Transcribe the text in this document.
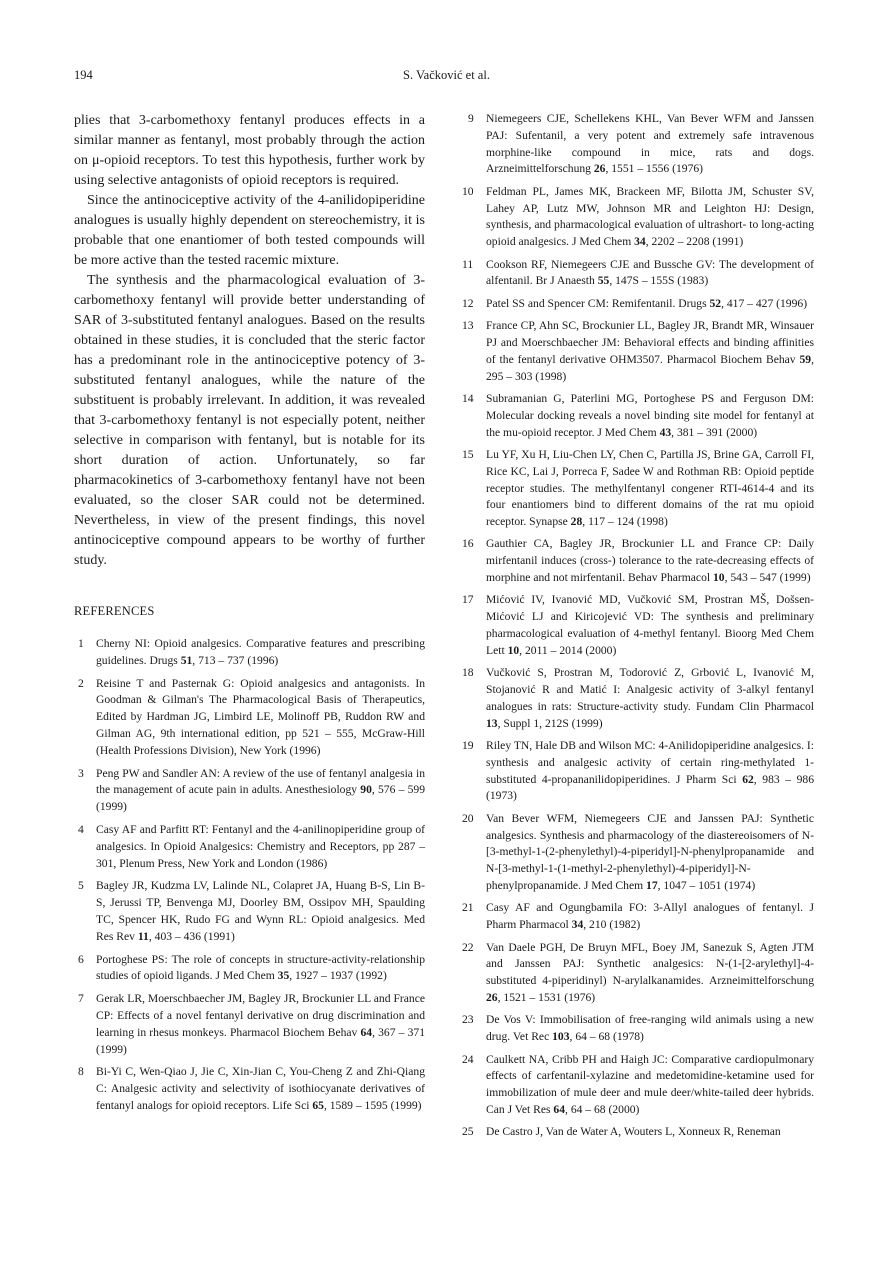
194	S. Vačković et al.

plies that 3-carbomethoxy fentanyl produces effects in a similar manner as fentanyl, most probably through the action on μ-opioid receptors. To test this hypothesis, further work by using selective antagonists of opioid receptors is required.

Since the antinociceptive activity of the 4-anilidopiperidine analogues is usually highly dependent on stereochemistry, it is probable that one enantiomer of both tested compounds will be more active than the tested racemic mixture.

The synthesis and the pharmacological evaluation of 3-carbomethoxy fentanyl will provide better understanding of SAR of 3-substituted fentanyl analogues. Based on the results obtained in these studies, it is concluded that the steric factor has a predominant role in the antinociceptive potency of 3-substituted fentanyl analogues, while the nature of the substituent is probably irrelevant. In addition, it was revealed that 3-carbomethoxy fentanyl is not especially potent, neither selective in comparison with fentanyl, but is notable for its short duration of action. Unfortunately, so far pharmacokinetics of 3-carbomethoxy fentanyl have not been evaluated, so the closer SAR could not be determined. Nevertheless, in view of the present findings, this novel antinociceptive compound appears to be worthy of further study.

REFERENCES
1	Cherny NI: Opioid analgesics. Comparative features and prescribing guidelines. Drugs 51, 713 – 737 (1996)
2	Reisine T and Pasternak G: Opioid analgesics and antagonists. In Goodman & Gilman's The Pharmacological Basis of Therapeutics, Edited by Hardman JG, Limbird LE, Molinoff PB, Ruddon RW and Gilman AG, 9th international edition, pp 521 – 555, McGraw-Hill (Health Professions Division), New York (1996)
3	Peng PW and Sandler AN: A review of the use of fentanyl analgesia in the management of acute pain in adults. Anesthesiology 90, 576 – 599 (1999)
4	Casy AF and Parfitt RT: Fentanyl and the 4-anilinopiperidine group of analgesics. In Opioid Analgesics: Chemistry and Receptors, pp 287 – 301, Plenum Press, New York and London (1986)
5	Bagley JR, Kudzma LV, Lalinde NL, Colapret JA, Huang B-S, Lin B-S, Jerussi TP, Benvenga MJ, Doorley BM, Ossipov MH, Spaulding TC, Spencer HK, Rudo FG and Wynn RL: Opioid analgesics. Med Res Rev 11, 403 – 436 (1991)
6	Portoghese PS: The role of concepts in structure-activity-relationship studies of opioid ligands. J Med Chem 35, 1927 – 1937 (1992)
7	Gerak LR, Moerschbaecher JM, Bagley JR, Brockunier LL and France CP: Effects of a novel fentanyl derivative on drug discrimination and learning in rhesus monkeys. Pharmacol Biochem Behav 64, 367 – 371 (1999)
8	Bi-Yi C, Wen-Qiao J, Jie C, Xin-Jian C, You-Cheng Z and Zhi-Qiang C: Analgesic activity and selectivity of isothiocyanate derivatives of fentanyl analogs for opioid receptors. Life Sci 65, 1589 – 1595 (1999)
9	Niemegeers CJE, Schellekens KHL, Van Bever WFM and Janssen PAJ: Sufentanil, a very potent and extremely safe intravenous morphine-like compound in mice, rats and dogs. Arzneimittelforschung 26, 1551 – 1556 (1976)
10	Feldman PL, James MK, Brackeen MF, Bilotta JM, Schuster SV, Lahey AP, Lutz MW, Johnson MR and Leighton HJ: Design, synthesis, and pharmacological evaluation of ultrashort- to long-acting opioid analgesics. J Med Chem 34, 2202 – 2208 (1991)
11	Cookson RF, Niemegeers CJE and Bussche GV: The development of alfentanil. Br J Anaesth 55, 147S – 155S (1983)
12	Patel SS and Spencer CM: Remifentanil. Drugs 52, 417 – 427 (1996)
13	France CP, Ahn SC, Brockunier LL, Bagley JR, Brandt MR, Winsauer PJ and Moerschbaecher JM: Behavioral effects and binding affinities of the fentanyl derivative OHM3507. Pharmacol Biochem Behav 59, 295 – 303 (1998)
14	Subramanian G, Paterlini MG, Portoghese PS and Ferguson DM: Molecular docking reveals a novel binding site model for fentanyl at the mu-opioid receptor. J Med Chem 43, 381 – 391 (2000)
15	Lu YF, Xu H, Liu-Chen LY, Chen C, Partilla JS, Brine GA, Carroll FI, Rice KC, Lai J, Porreca F, Sadee W and Rothman RB: Opioid peptide receptor studies. The methylfentanyl congener RTI-4614-4 and its four enantiomers bind to different domains of the rat mu opioid receptor. Synapse 28, 117 – 124 (1998)
16	Gauthier CA, Bagley JR, Brockunier LL and France CP: Daily mirfentanil induces (cross-) tolerance to the rate-decreasing effects of morphine and not mirfentanil. Behav Pharmacol 10, 543 – 547 (1999)
17	Mićović IV, Ivanović MD, Vučković SM, Prostran MŠ, Došsen-Mićović LJ and Kiricojević VD: The synthesis and preliminary pharmacological evaluation of 4-methyl fentanyl. Bioorg Med Chem Lett 10, 2011 – 2014 (2000)
18	Vučković S, Prostran M, Todorović Z, Grbović L, Ivanović M, Stojanović R and Matić I: Analgesic activity of 3-alkyl fentanyl analogues in rats: Structure-activity study. Fundam Clin Pharmacol 13, Suppl 1, 212S (1999)
19	Riley TN, Hale DB and Wilson MC: 4-Anilidopiperidine analgesics. I: synthesis and analgesic activity of certain ring-methylated 1-substituted 4-propananilidopiperidines. J Pharm Sci 62, 983 – 986 (1973)
20	Van Bever WFM, Niemegeers CJE and Janssen PAJ: Synthetic analgesics. Synthesis and pharmacology of the diastereoisomers of N-[3-methyl-1-(2-phenylethyl)-4-piperidyl]-N-phenylpropanamide and N-[3-methyl-1-(1-methyl-2-phenylethyl)-4-piperidyl]-N-phenylpropanamide. J Med Chem 17, 1047 – 1051 (1974)
21	Casy AF and Ogungbamila FO: 3-Allyl analogues of fentanyl. J Pharm Pharmacol 34, 210 (1982)
22	Van Daele PGH, De Bruyn MFL, Boey JM, Sanezuk S, Agten JTM and Janssen PAJ: Synthetic analgesics: N-(1-[2-arylethyl]-4-substituted 4-piperidinyl) N-arylalkanamides. Arzneimittelforschung 26, 1521 – 1531 (1976)
23	De Vos V: Immobilisation of free-ranging wild animals using a new drug. Vet Rec 103, 64 – 68 (1978)
24	Caulkett NA, Cribb PH and Haigh JC: Comparative cardiopulmonary effects of carfentanil-xylazine and medetomidine-ketamine used for immobilization of mule deer and mule deer/white-tailed deer hybrids. Can J Vet Res 64, 64 – 68 (2000)
25	De Castro J, Van de Water A, Wouters L, Xonneux R, Reneman
